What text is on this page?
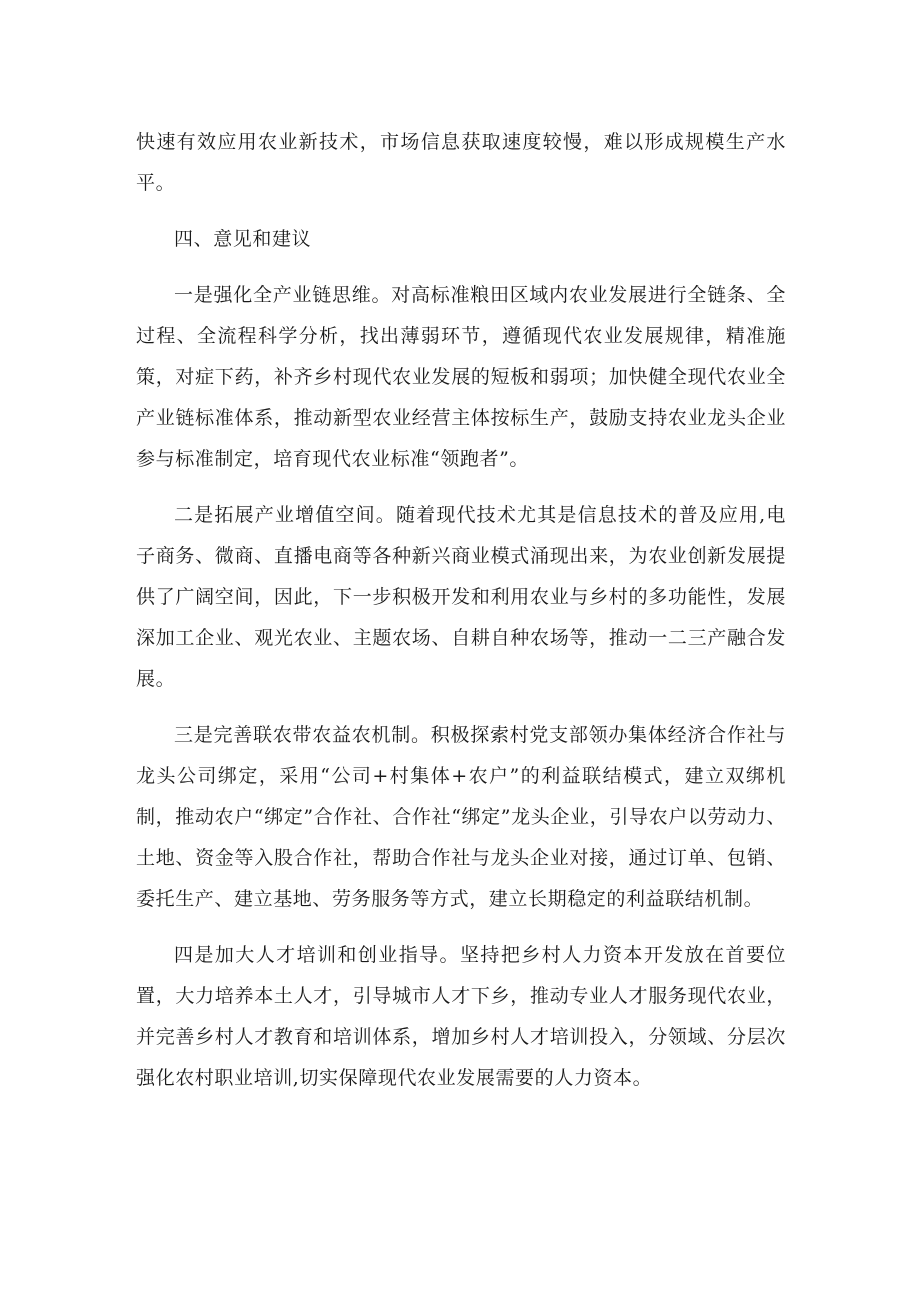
快速有效应用农业新技术，市场信息获取速度较慢，难以形成规模生产水平。

四、意见和建议

一是强化全产业链思维。对高标准粮田区域内农业发展进行全链条、全过程、全流程科学分析，找出薄弱环节，遵循现代农业发展规律，精准施策，对症下药，补齐乡村现代农业发展的短板和弱项；加快健全现代农业全产业链标准体系，推动新型农业经营主体按标生产，鼓励支持农业龙头企业参与标准制定，培育现代农业标准“领跑者”。

二是拓展产业增值空间。随着现代技术尤其是信息技术的普及应用,电子商务、微商、直播电商等各种新兴商业模式涌现出来，为农业创新发展提供了广阔空间，因此，下一步积极开发和利用农业与乡村的多功能性，发展深加工企业、观光农业、主题农场、自耕自种农场等，推动一二三产融合发展。

三是完善联农带农益农机制。积极探索村党支部领办集体经济合作社与龙头公司绑定，采用“公司+村集体+农户”的利益联结模式，建立双绑机制，推动农户“绑定”合作社、合作社“绑定”龙头企业，引导农户以劳动力、土地、资金等入股合作社，帮助合作社与龙头企业对接，通过订单、包销、委托生产、建立基地、劳务服务等方式，建立长期稳定的利益联结机制。

四是加大人才培训和创业指导。坚持把乡村人力资本开发放在首要位置，大力培养本土人才，引导城市人才下乡，推动专业人才服务现代农业，并完善乡村人才教育和培训体系，增加乡村人才培训投入，分领域、分层次强化农村职业培训,切实保障现代农业发展需要的人力资本。
